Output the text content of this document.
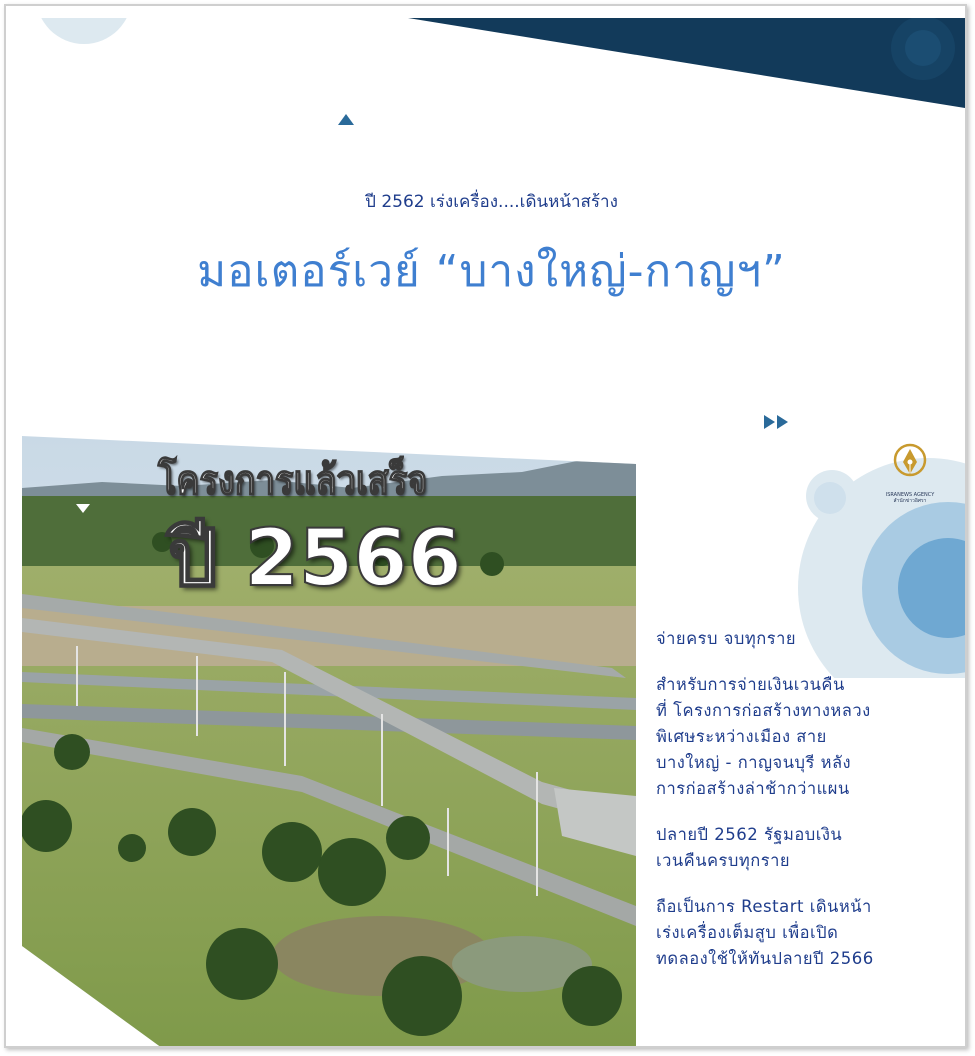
ปี 2562 เร่งเครื่อง....เดินหน้าสร้าง
มอเตอร์เวย์ “บางใหญ่-กาญฯ”
ISRANEWS AGENCY สำนักข่าวอิศรา
โครงการแล้วเสร็จ
ปี 2566

จ่ายครบ จบทุกราย

สำหรับการจ่ายเงินเวนคืน

ที่ โครงการก่อสร้างทางหลวง

พิเศษระหว่างเมือง สาย

บางใหญ่ - กาญจนบุรี หลัง

การก่อสร้างล่าช้ากว่าแผน

ปลายปี 2562 รัฐมอบเงิน

เวนคืนครบทุกราย

ถือเป็นการ Restart เดินหน้า

เร่งเครื่องเต็มสูบ เพื่อเปิด

ทดลองใช้ให้ทันปลายปี 2566
